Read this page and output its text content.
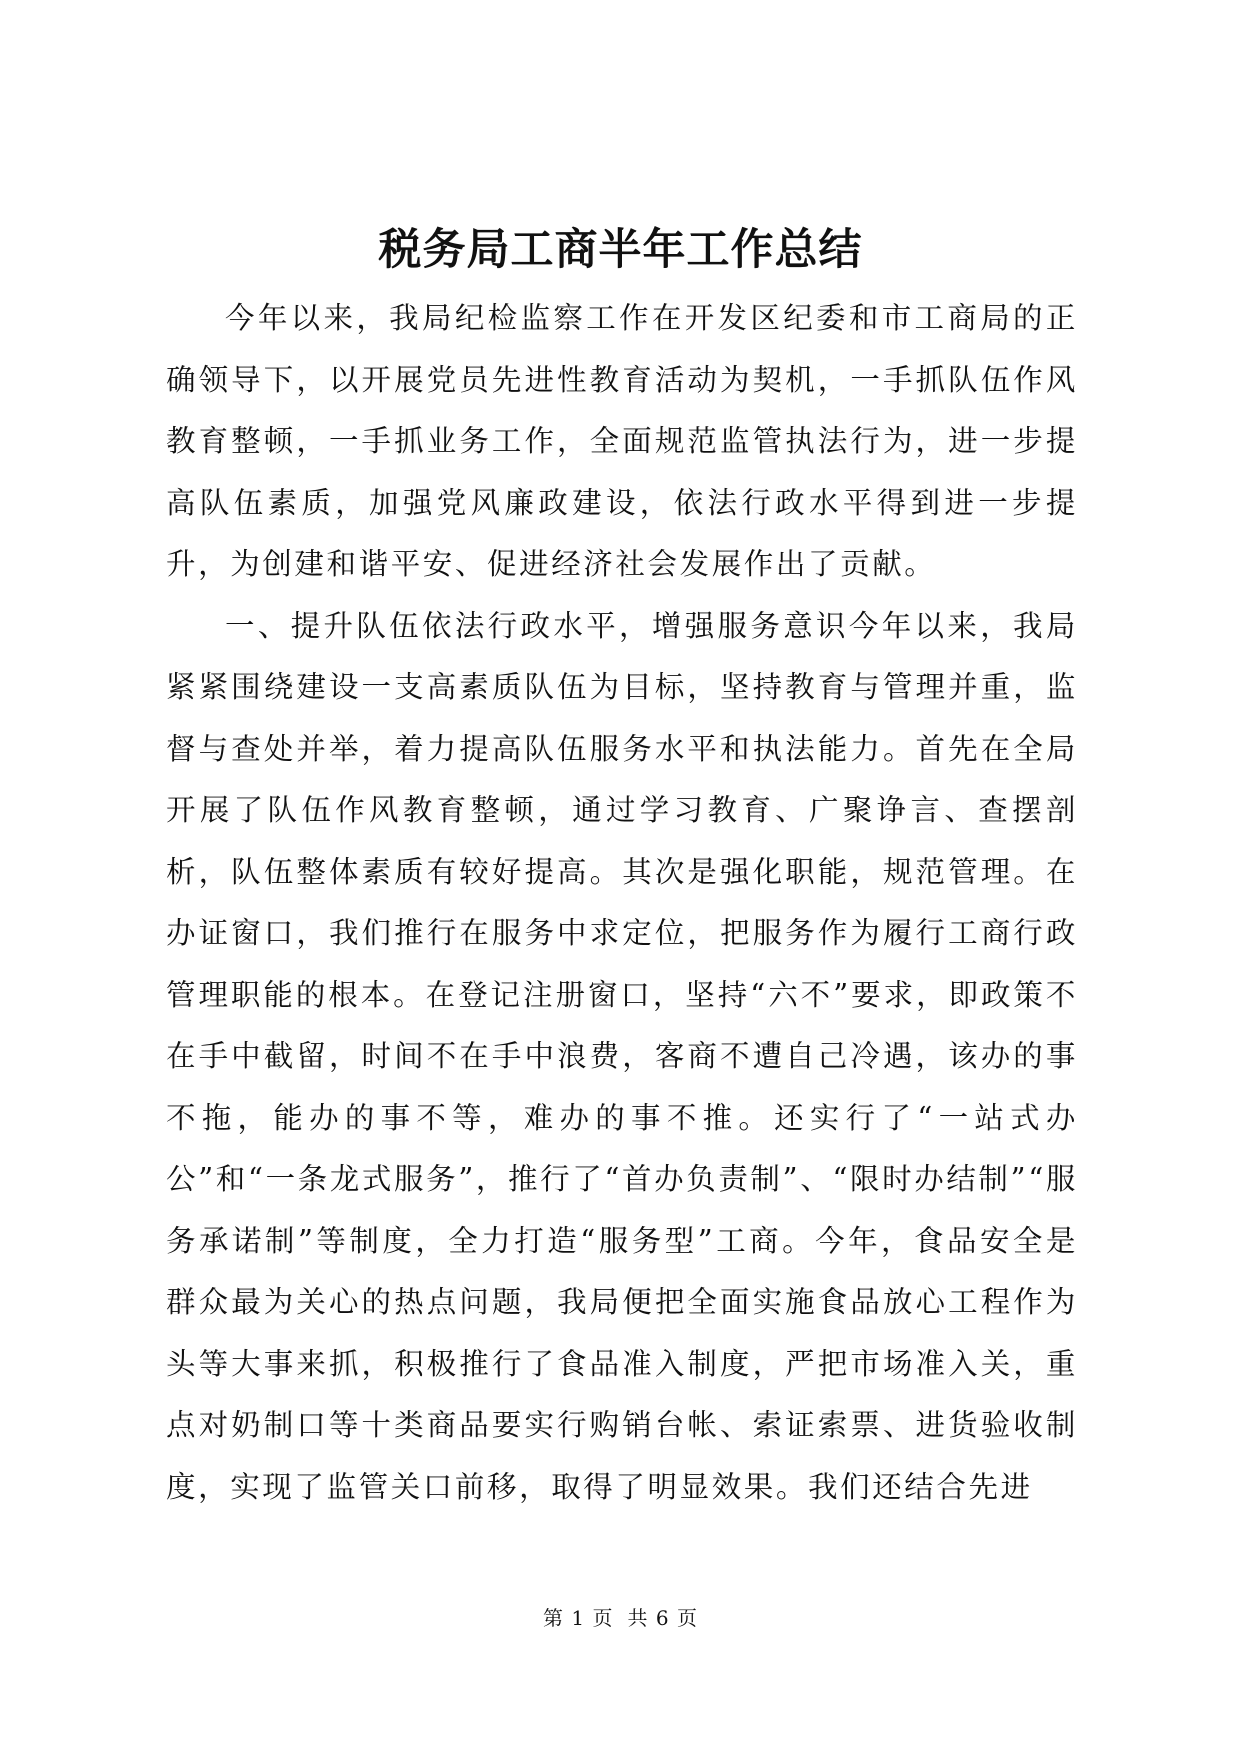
税务局工商半年工作总结

今年以来，我局纪检监察工作在开发区纪委和市工商局的正确领导下，以开展党员先进性教育活动为契机，一手抓队伍作风教育整顿，一手抓业务工作，全面规范监管执法行为，进一步提高队伍素质，加强党风廉政建设，依法行政水平得到进一步提升，为创建和谐平安、促进经济社会发展作出了贡献。

一、提升队伍依法行政水平，增强服务意识今年以来，我局紧紧围绕建设一支高素质队伍为目标，坚持教育与管理并重，监督与查处并举，着力提高队伍服务水平和执法能力。首先在全局开展了队伍作风教育整顿，通过学习教育、广聚诤言、查摆剖析，队伍整体素质有较好提高。其次是强化职能，规范管理。在办证窗口，我们推行在服务中求定位，把服务作为履行工商行政管理职能的根本。在登记注册窗口，坚持“六不”要求，即政策不在手中截留，时间不在手中浪费，客商不遭自己冷遇，该办的事不拖，能办的事不等，难办的事不推。还实行了“一站式办公”和“一条龙式服务”，推行了“首办负责制”、“限时办结制”“服务承诺制”等制度，全力打造“服务型”工商。今年，食品安全是群众最为关心的热点问题，我局便把全面实施食品放心工程作为头等大事来抓，积极推行了食品准入制度，严把市场准入关，重点对奶制口等十类商品要实行购销台帐、索证索票、进货验收制度，实现了监管关口前移，取得了明显效果。我们还结合先进

第 1 页 共 6 页
